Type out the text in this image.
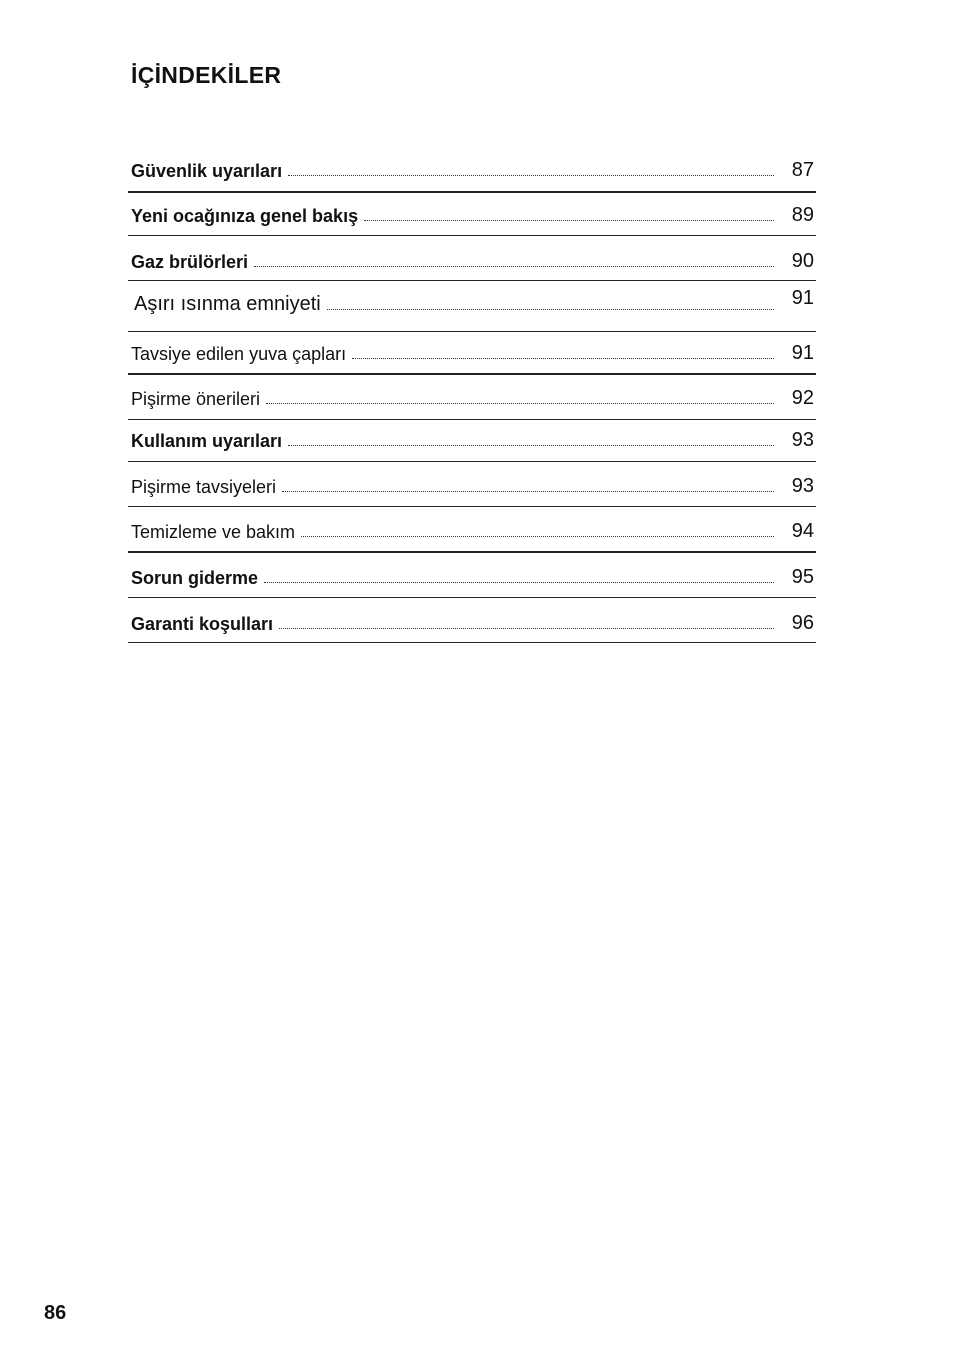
İÇİNDEKİLER
Güvenlik uyarıları	87
Yeni ocağınıza genel bakış	89
Gaz brülörleri	90
Aşırı ısınma emniyeti	91
Tavsiye edilen yuva çapları	91
Pişirme önerileri	92
Kullanım uyarıları	93
Pişirme tavsiyeleri	93
Temizleme ve bakım	94
Sorun giderme	95
Garanti koşulları	96

86
